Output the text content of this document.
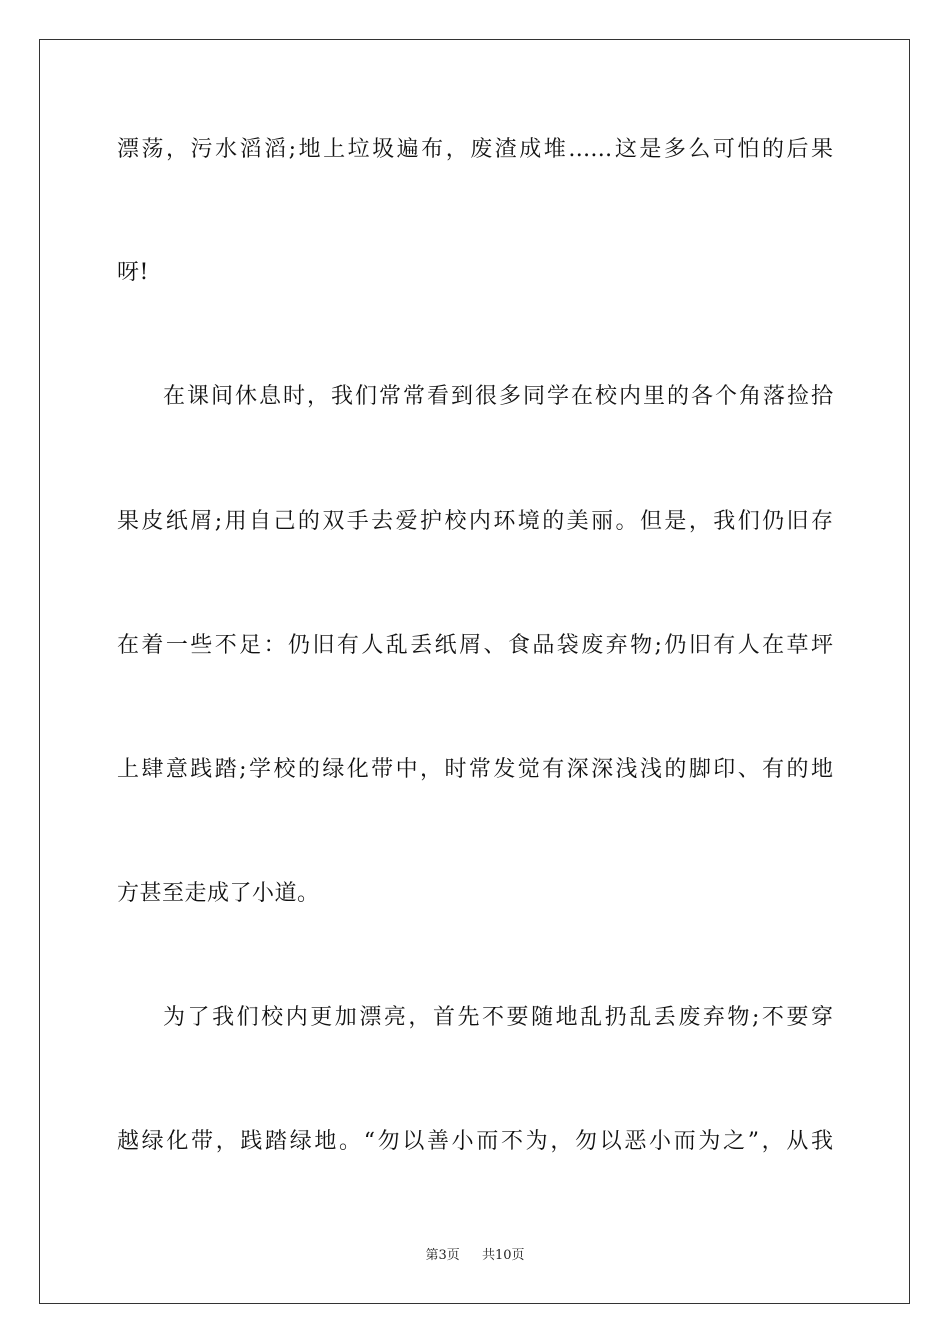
漂荡，污水滔滔;地上垃圾遍布，废渣成堆……这是多么可怕的后果
呀!
在课间休息时，我们常常看到很多同学在校内里的各个角落捡拾
果皮纸屑;用自己的双手去爱护校内环境的美丽。但是，我们仍旧存
在着一些不足：仍旧有人乱丢纸屑、食品袋废弃物;仍旧有人在草坪
上肆意践踏;学校的绿化带中，时常发觉有深深浅浅的脚印、有的地
方甚至走成了小道。
为了我们校内更加漂亮，首先不要随地乱扔乱丢废弃物;不要穿
越绿化带，践踏绿地。“勿以善小而不为，勿以恶小而为之”，从我
第3页 共10页
